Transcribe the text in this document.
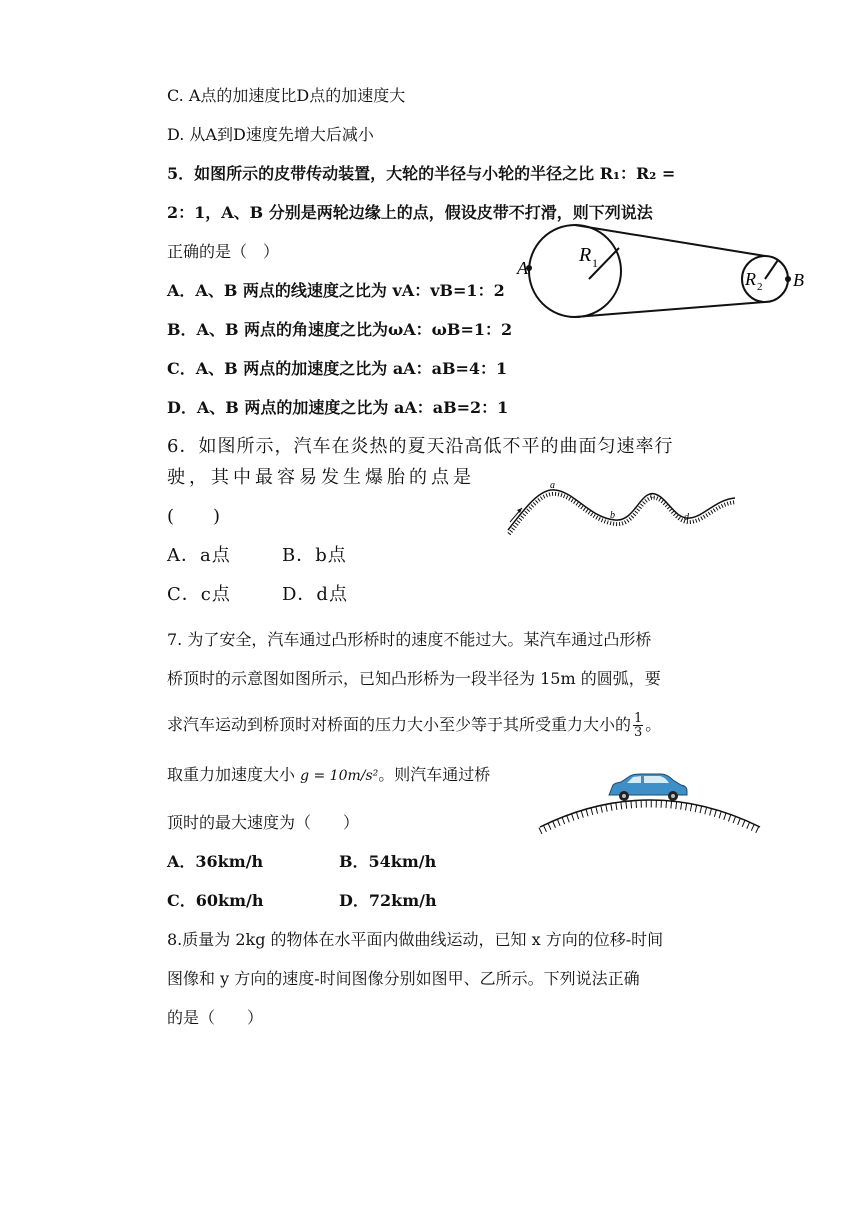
C. A点的加速度比D点的加速度大
D. 从A到D速度先增大后减小
5．如图所示的皮带传动装置，大轮的半径与小轮的半径之比 R₁：R₂ =
2：1，A、B 分别是两轮边缘上的点，假设皮带不打滑，则下列说法
正确的是（　）
A．A、B 两点的线速度之比为 vA：vB=1：2
B．A、B 两点的角速度之比为ωA：ωB=1：2
C．A、B 两点的加速度之比为 aA：aB=4：1
D．A、B 两点的加速度之比为 aA：aB=2：1
A
B
R 1
R 2
6．如图所示，汽车在炎热的夏天沿高低不平的曲面匀速率行
驶，其中最容易发生爆胎的点是
(　　)
A．a点	B．b点
C．c点	D．d点
a
b
c
d
7. 为了安全，汽车通过凸形桥时的速度不能过大。某汽车通过凸形桥
桥顶时的示意图如图所示，已知凸形桥为一段半径为 15m 的圆弧，要
求汽车运动到桥顶时对桥面的压力大小至少等于其所受重力大小的 $\frac{1}{3}$ 。
取重力加速度大小 g = 10m/s²。则汽车通过桥
顶时的最大速度为（　　）
A．36km/h	B．54km/h
C．60km/h	D．72km/h
8.质量为 2kg 的物体在水平面内做曲线运动，已知 x 方向的位移-时间
图像和 y 方向的速度-时间图像分别如图甲、乙所示。下列说法正确
的是（　　）
